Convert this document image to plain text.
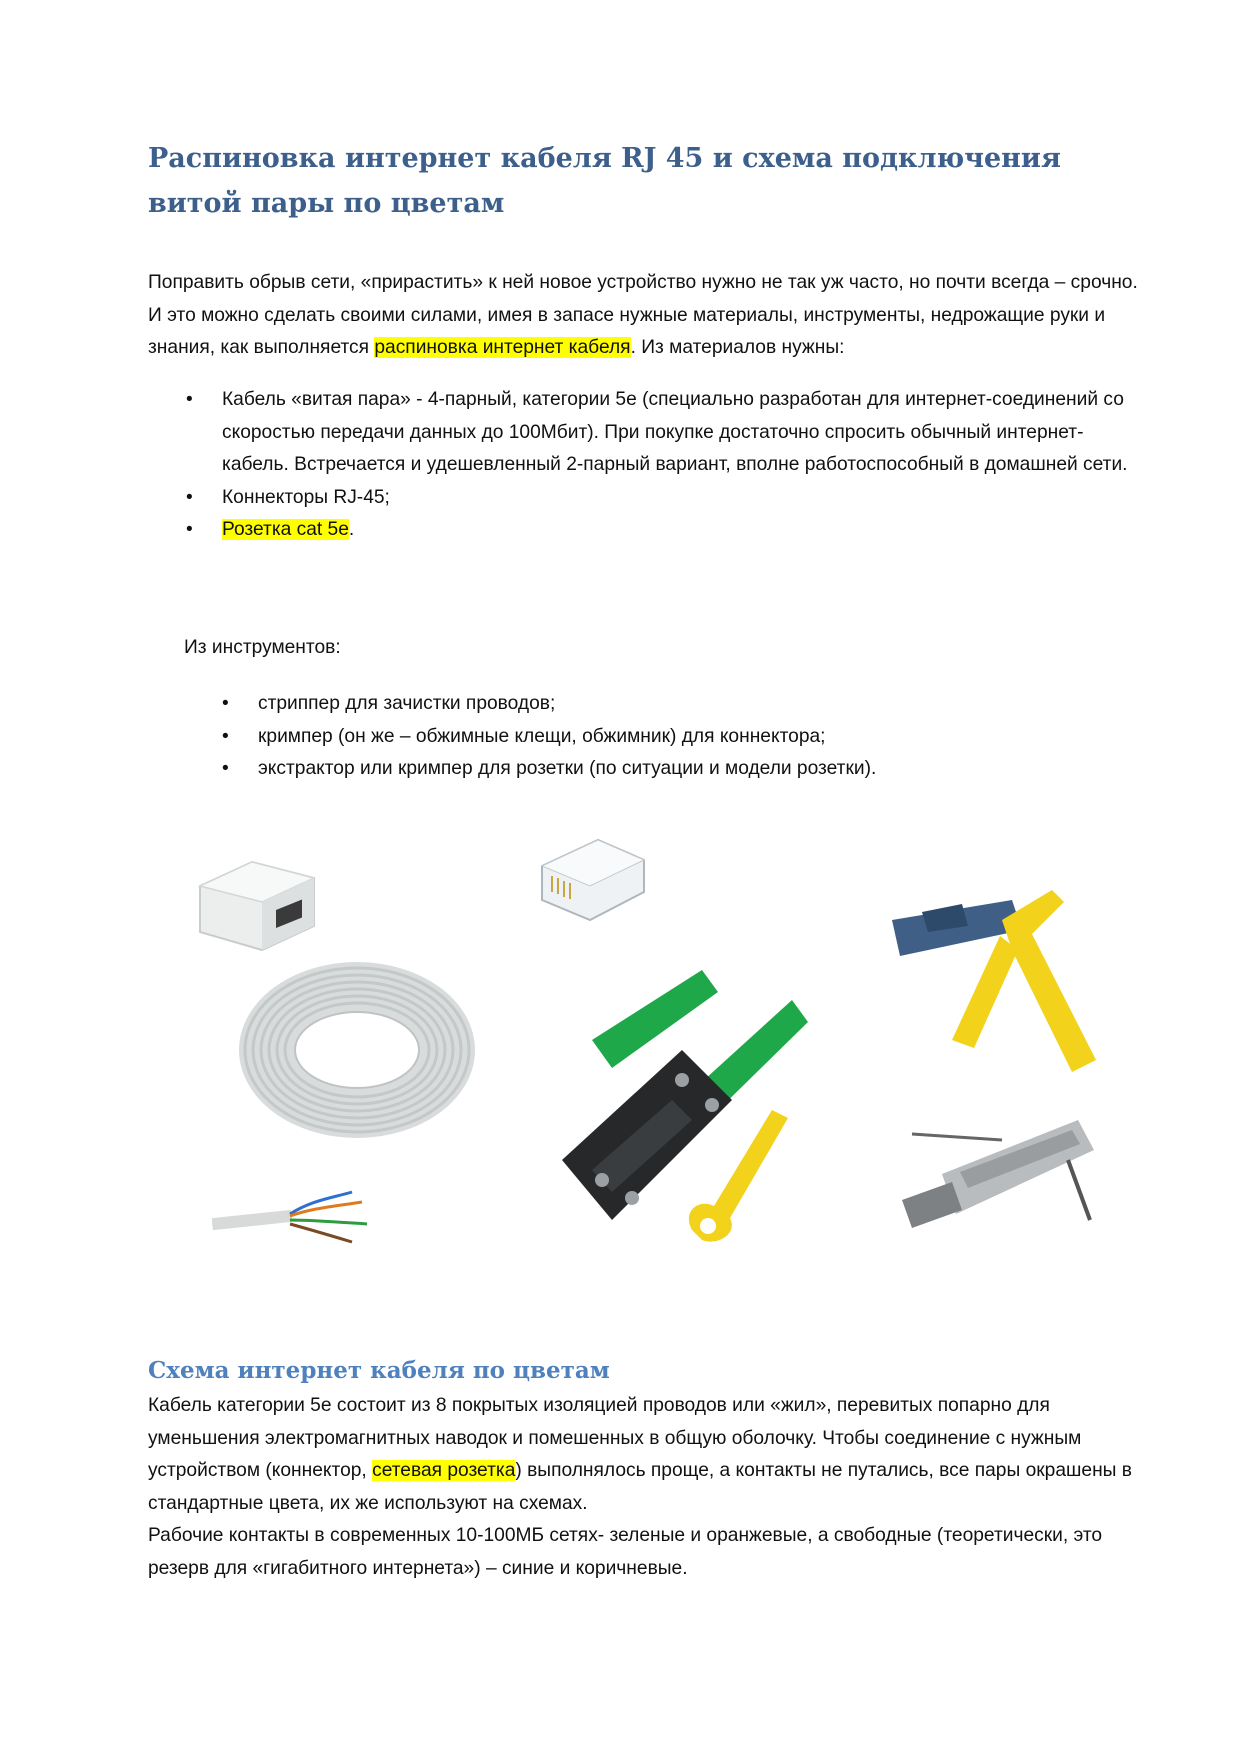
Распиновка интернет кабеля RJ 45 и схема подключения витой пары по цветам

Поправить обрыв сети, «прирастить» к ней новое устройство нужно не так уж часто, но почти всегда – срочно. И это можно сделать своими силами, имея в запасе нужные материалы, инструменты, недрожащие руки и знания, как выполняется распиновка интернет кабеля. Из материалов нужны:

• Кабель «витая пара» - 4-парный, категории 5е (специально разработан для интернет-соединений со скоростью передачи данных до 100Мбит). При покупке достаточно спросить обычный интернет-кабель. Встречается и удешевленный 2-парный вариант, вполне работоспособный в домашней сети.
• Коннекторы RJ-45;
• Розетка cat 5e.

Из инструментов:

• стриппер для зачистки проводов;
• кримпер (он же – обжимные клещи, обжимник) для коннектора;
• экстрактор или кримпер для розетки (по ситуации и модели розетки).
Схема интернет кабеля по цветам

Кабель категории 5е состоит из 8 покрытых изоляцией проводов или «жил», перевитых попарно для уменьшения электромагнитных наводок и помешенных в общую оболочку. Чтобы соединение с нужным устройством (коннектор, сетевая розетка) выполнялось проще, а контакты не путались, все пары окрашены в стандартные цвета, их же используют на схемах.
Рабочие контакты в современных 10-100МБ сетях- зеленые и оранжевые, а свободные (теоретически, это резерв для «гигабитного интернета») – синие и коричневые.
